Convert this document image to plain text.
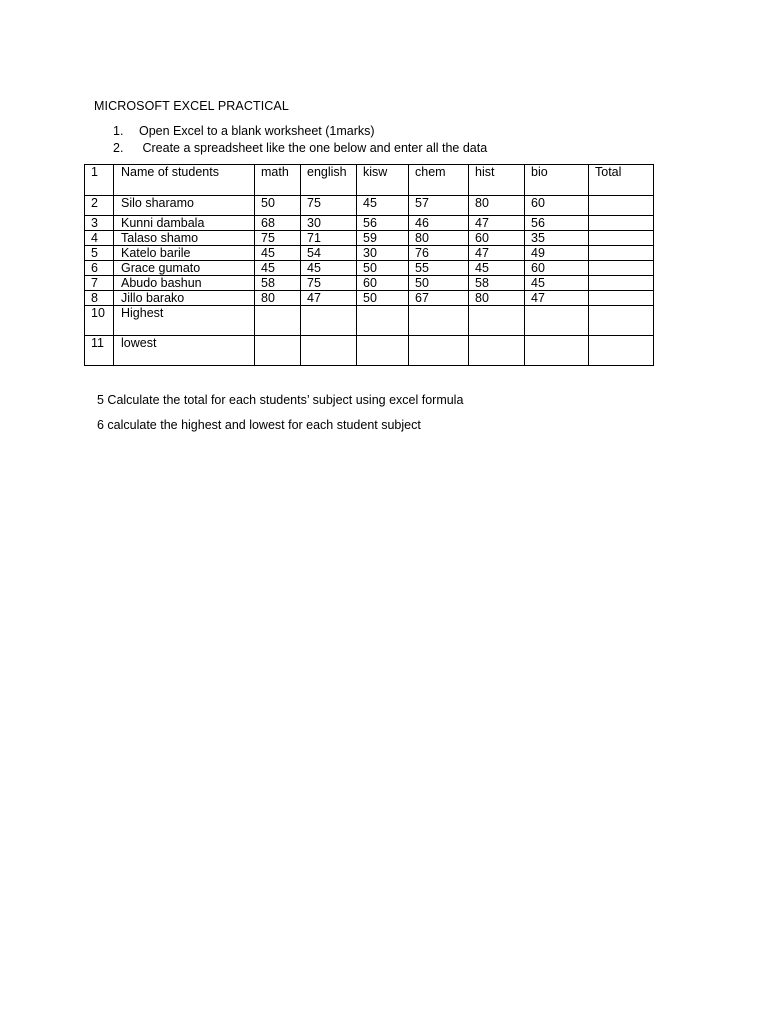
MICROSOFT EXCEL PRACTICAL
1. Open Excel to a blank worksheet (1marks)
2. Create a spreadsheet like the one below and enter all the data
1	Name of students	math	english	kisw	chem	hist	bio	Total
2	Silo sharamo	50	75	45	57	80	60	
3	Kunni dambala	68	30	56	46	47	56	
4	Talaso shamo	75	71	59	80	60	35	
5	Katelo barile	45	54	30	76	47	49	
6	Grace gumato	45	45	50	55	45	60	
7	Abudo bashun	58	75	60	50	58	45	
8	Jillo barako	80	47	50	67	80	47	
10	Highest							
11	lowest							
5 Calculate the total for each students’ subject using excel formula
6 calculate the highest and lowest for each student subject
